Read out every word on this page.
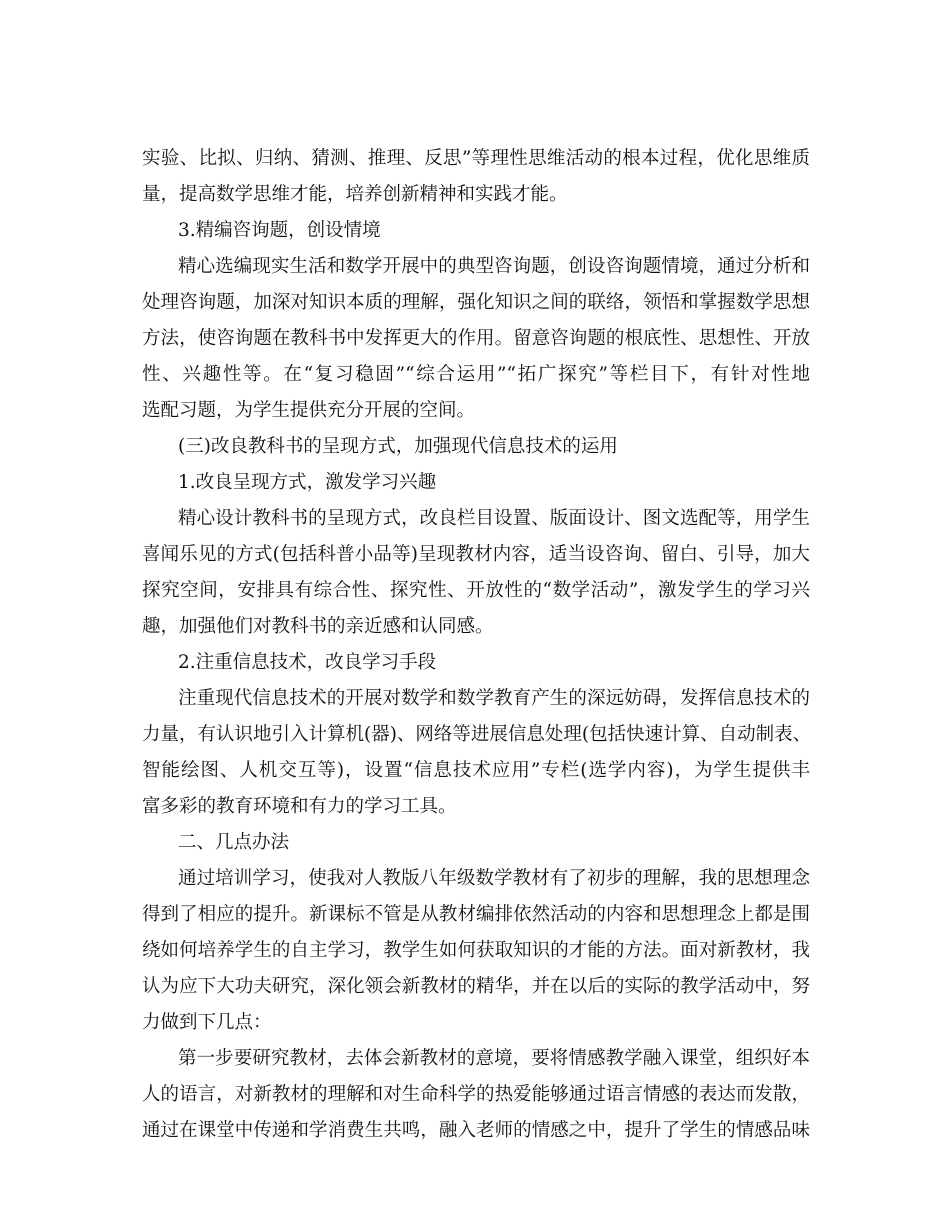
实验、比拟、归纳、猜测、推理、反思”等理性思维活动的根本过程，优化思维质
量，提高数学思维才能，培养创新精神和实践才能。
3.精编咨询题，创设情境
精心选编现实生活和数学开展中的典型咨询题，创设咨询题情境，通过分析和
处理咨询题，加深对知识本质的理解，强化知识之间的联络，领悟和掌握数学思想
方法，使咨询题在教科书中发挥更大的作用。留意咨询题的根底性、思想性、开放
性、兴趣性等。在“复习稳固”“综合运用”“拓广探究”等栏目下，有针对性地
选配习题，为学生提供充分开展的空间。
(三)改良教科书的呈现方式，加强现代信息技术的运用
1.改良呈现方式，激发学习兴趣
精心设计教科书的呈现方式，改良栏目设置、版面设计、图文选配等，用学生
喜闻乐见的方式(包括科普小品等)呈现教材内容，适当设咨询、留白、引导，加大
探究空间，安排具有综合性、探究性、开放性的“数学活动”，激发学生的学习兴
趣，加强他们对教科书的亲近感和认同感。
2.注重信息技术，改良学习手段
注重现代信息技术的开展对数学和数学教育产生的深远妨碍，发挥信息技术的
力量，有认识地引入计算机(器)、网络等进展信息处理(包括快速计算、自动制表、
智能绘图、人机交互等)，设置“信息技术应用”专栏(选学内容)，为学生提供丰
富多彩的教育环境和有力的学习工具。
二、几点办法
通过培训学习，使我对人教版八年级数学教材有了初步的理解，我的思想理念
得到了相应的提升。新课标不管是从教材编排依然活动的内容和思想理念上都是围
绕如何培养学生的自主学习，教学生如何获取知识的才能的方法。面对新教材，我
认为应下大功夫研究，深化领会新教材的精华，并在以后的实际的教学活动中，努
力做到下几点：
第一步要研究教材，去体会新教材的意境，要将情感教学融入课堂，组织好本
人的语言，对新教材的理解和对生命科学的热爱能够通过语言情感的表达而发散，
通过在课堂中传递和学消费生共鸣，融入老师的情感之中，提升了学生的情感品味
